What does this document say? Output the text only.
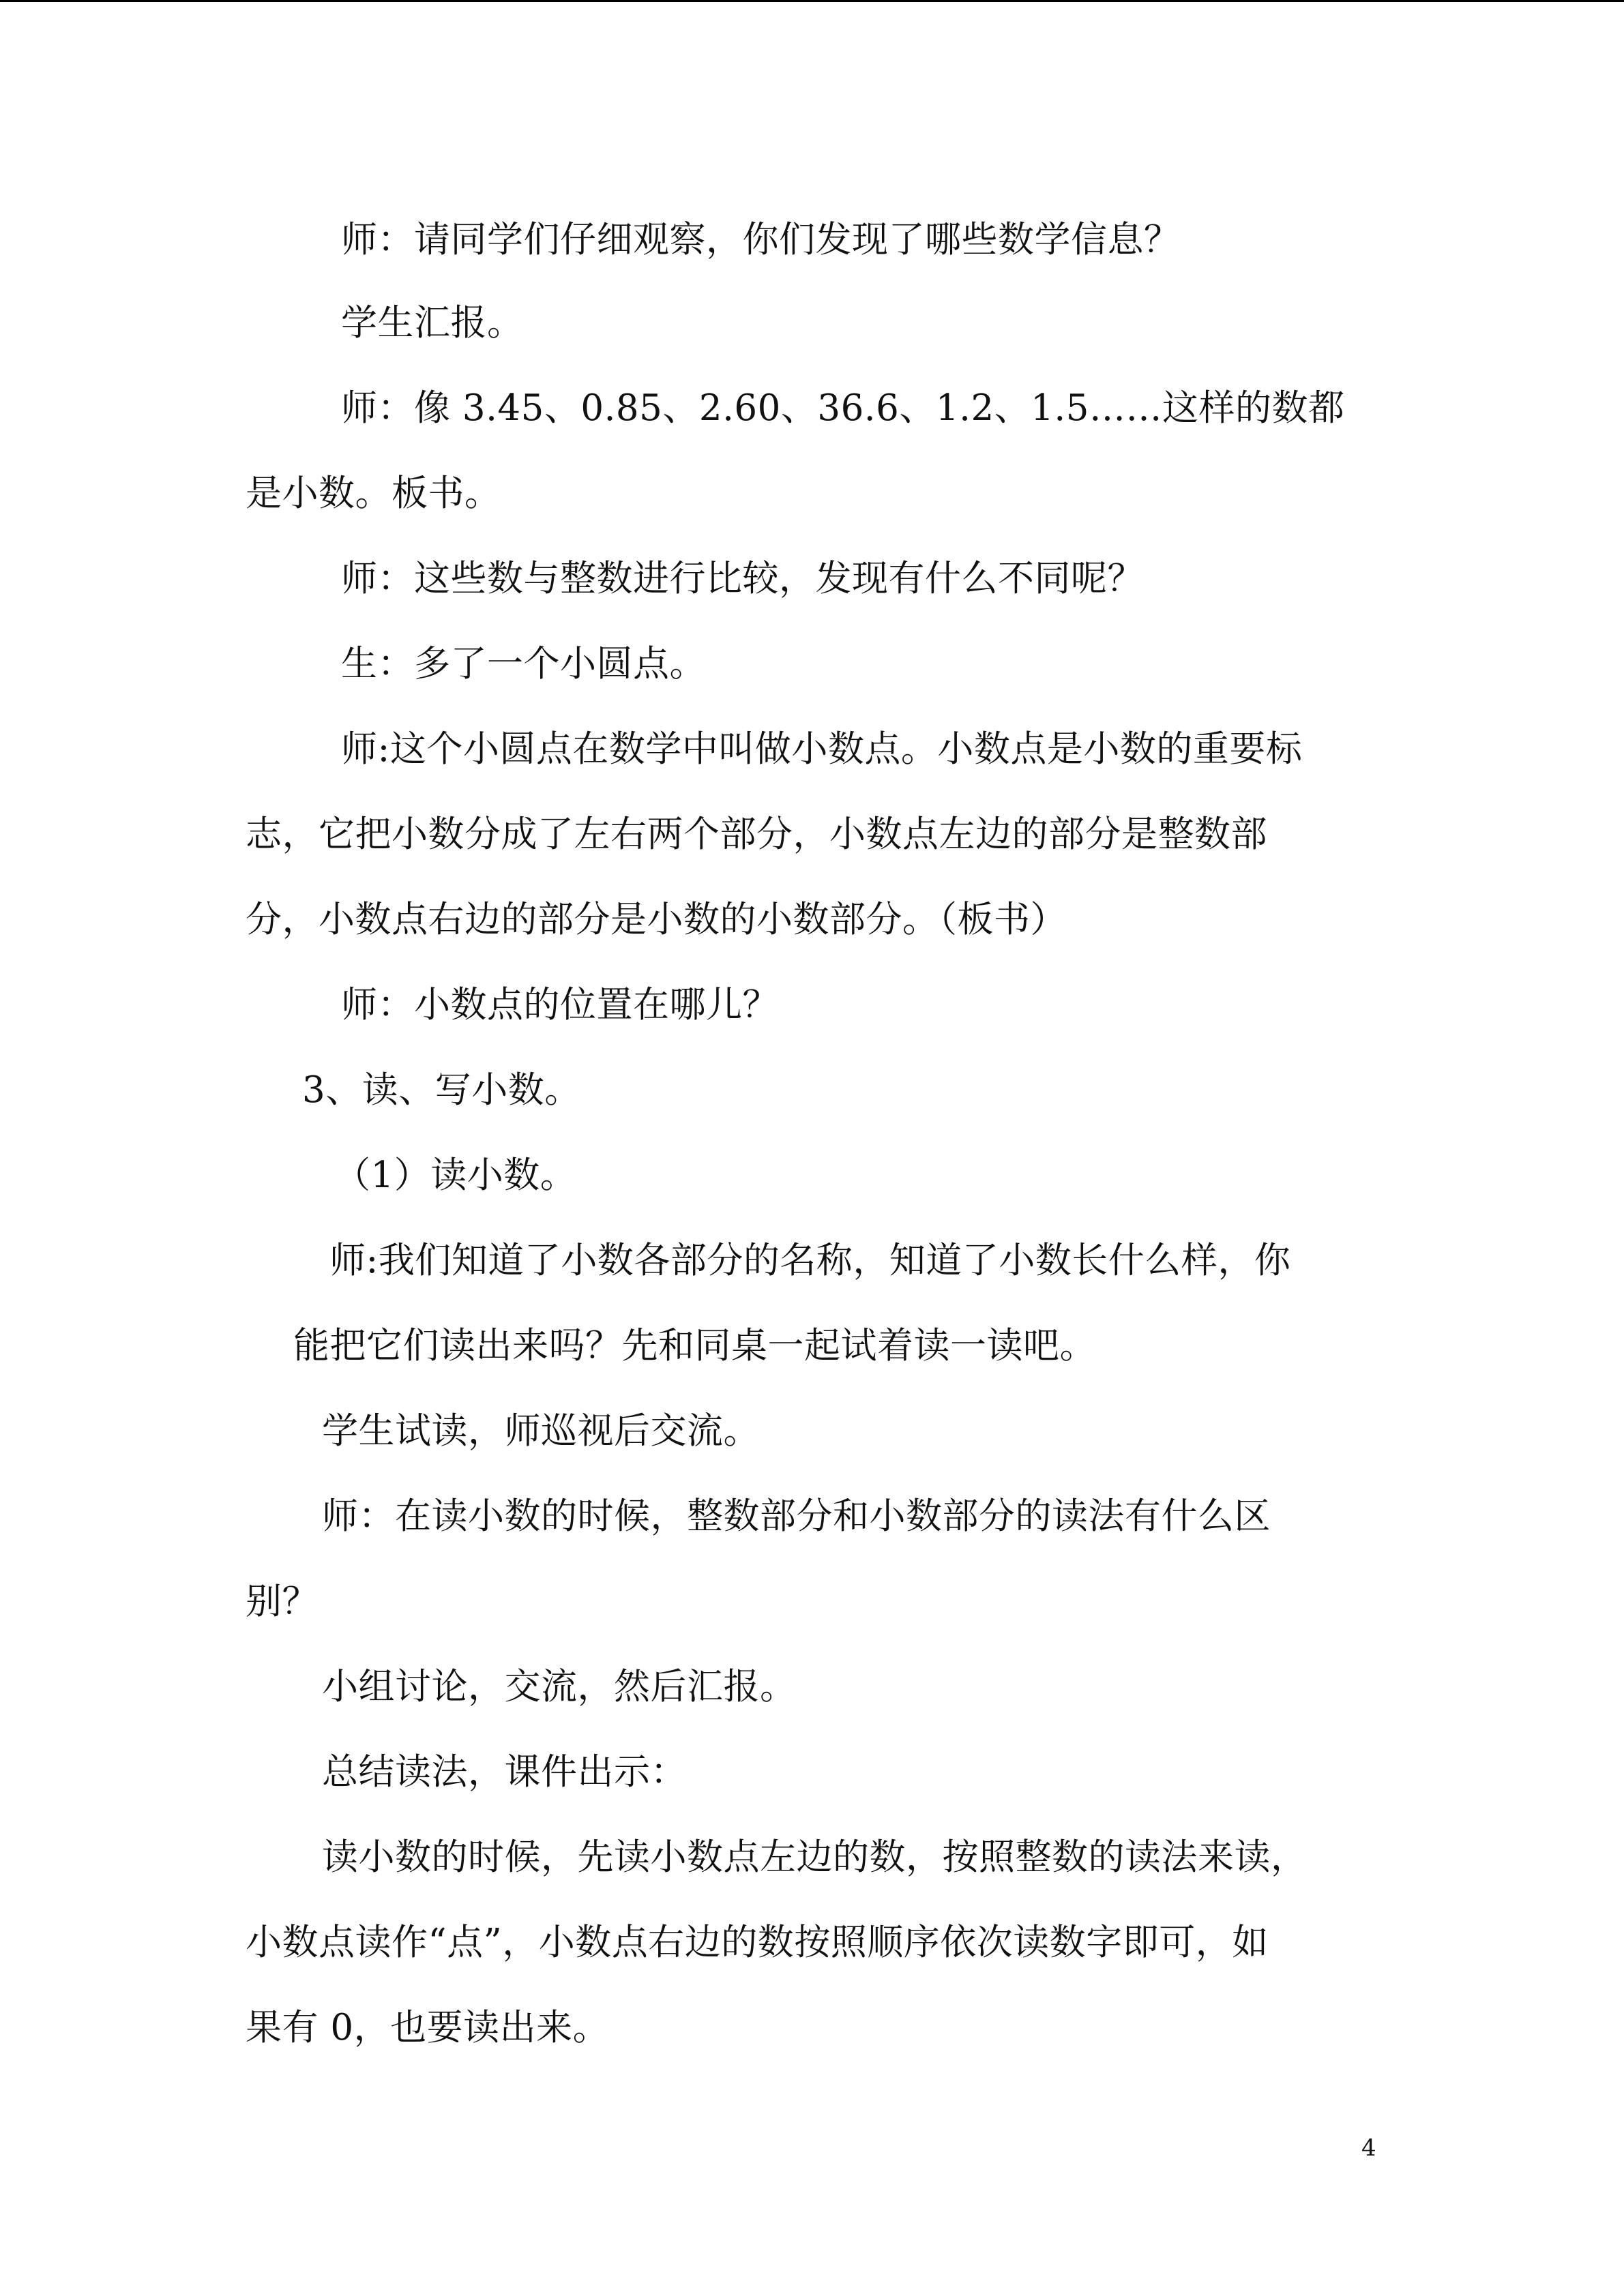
师：请同学们仔细观察，你们发现了哪些数学信息？
学生汇报。
师：像 3.45、0.85、2.60、36.6、1.2、1.5……这样的数都
是小数。板书。
师：这些数与整数进行比较，发现有什么不同呢？
生：多了一个小圆点。
师:这个小圆点在数学中叫做小数点。小数点是小数的重要标
志，它把小数分成了左右两个部分，小数点左边的部分是整数部
分，小数点右边的部分是小数的小数部分。（板书）
师：小数点的位置在哪儿？
3、读、写小数。
（1）读小数。
师:我们知道了小数各部分的名称，知道了小数长什么样，你
能把它们读出来吗？先和同桌一起试着读一读吧。
学生试读，师巡视后交流。
师：在读小数的时候，整数部分和小数部分的读法有什么区
别？
小组讨论，交流，然后汇报。
总结读法，课件出示：
读小数的时候，先读小数点左边的数，按照整数的读法来读，
小数点读作“点”，小数点右边的数按照顺序依次读数字即可，如
果有 0，也要读出来。
4
